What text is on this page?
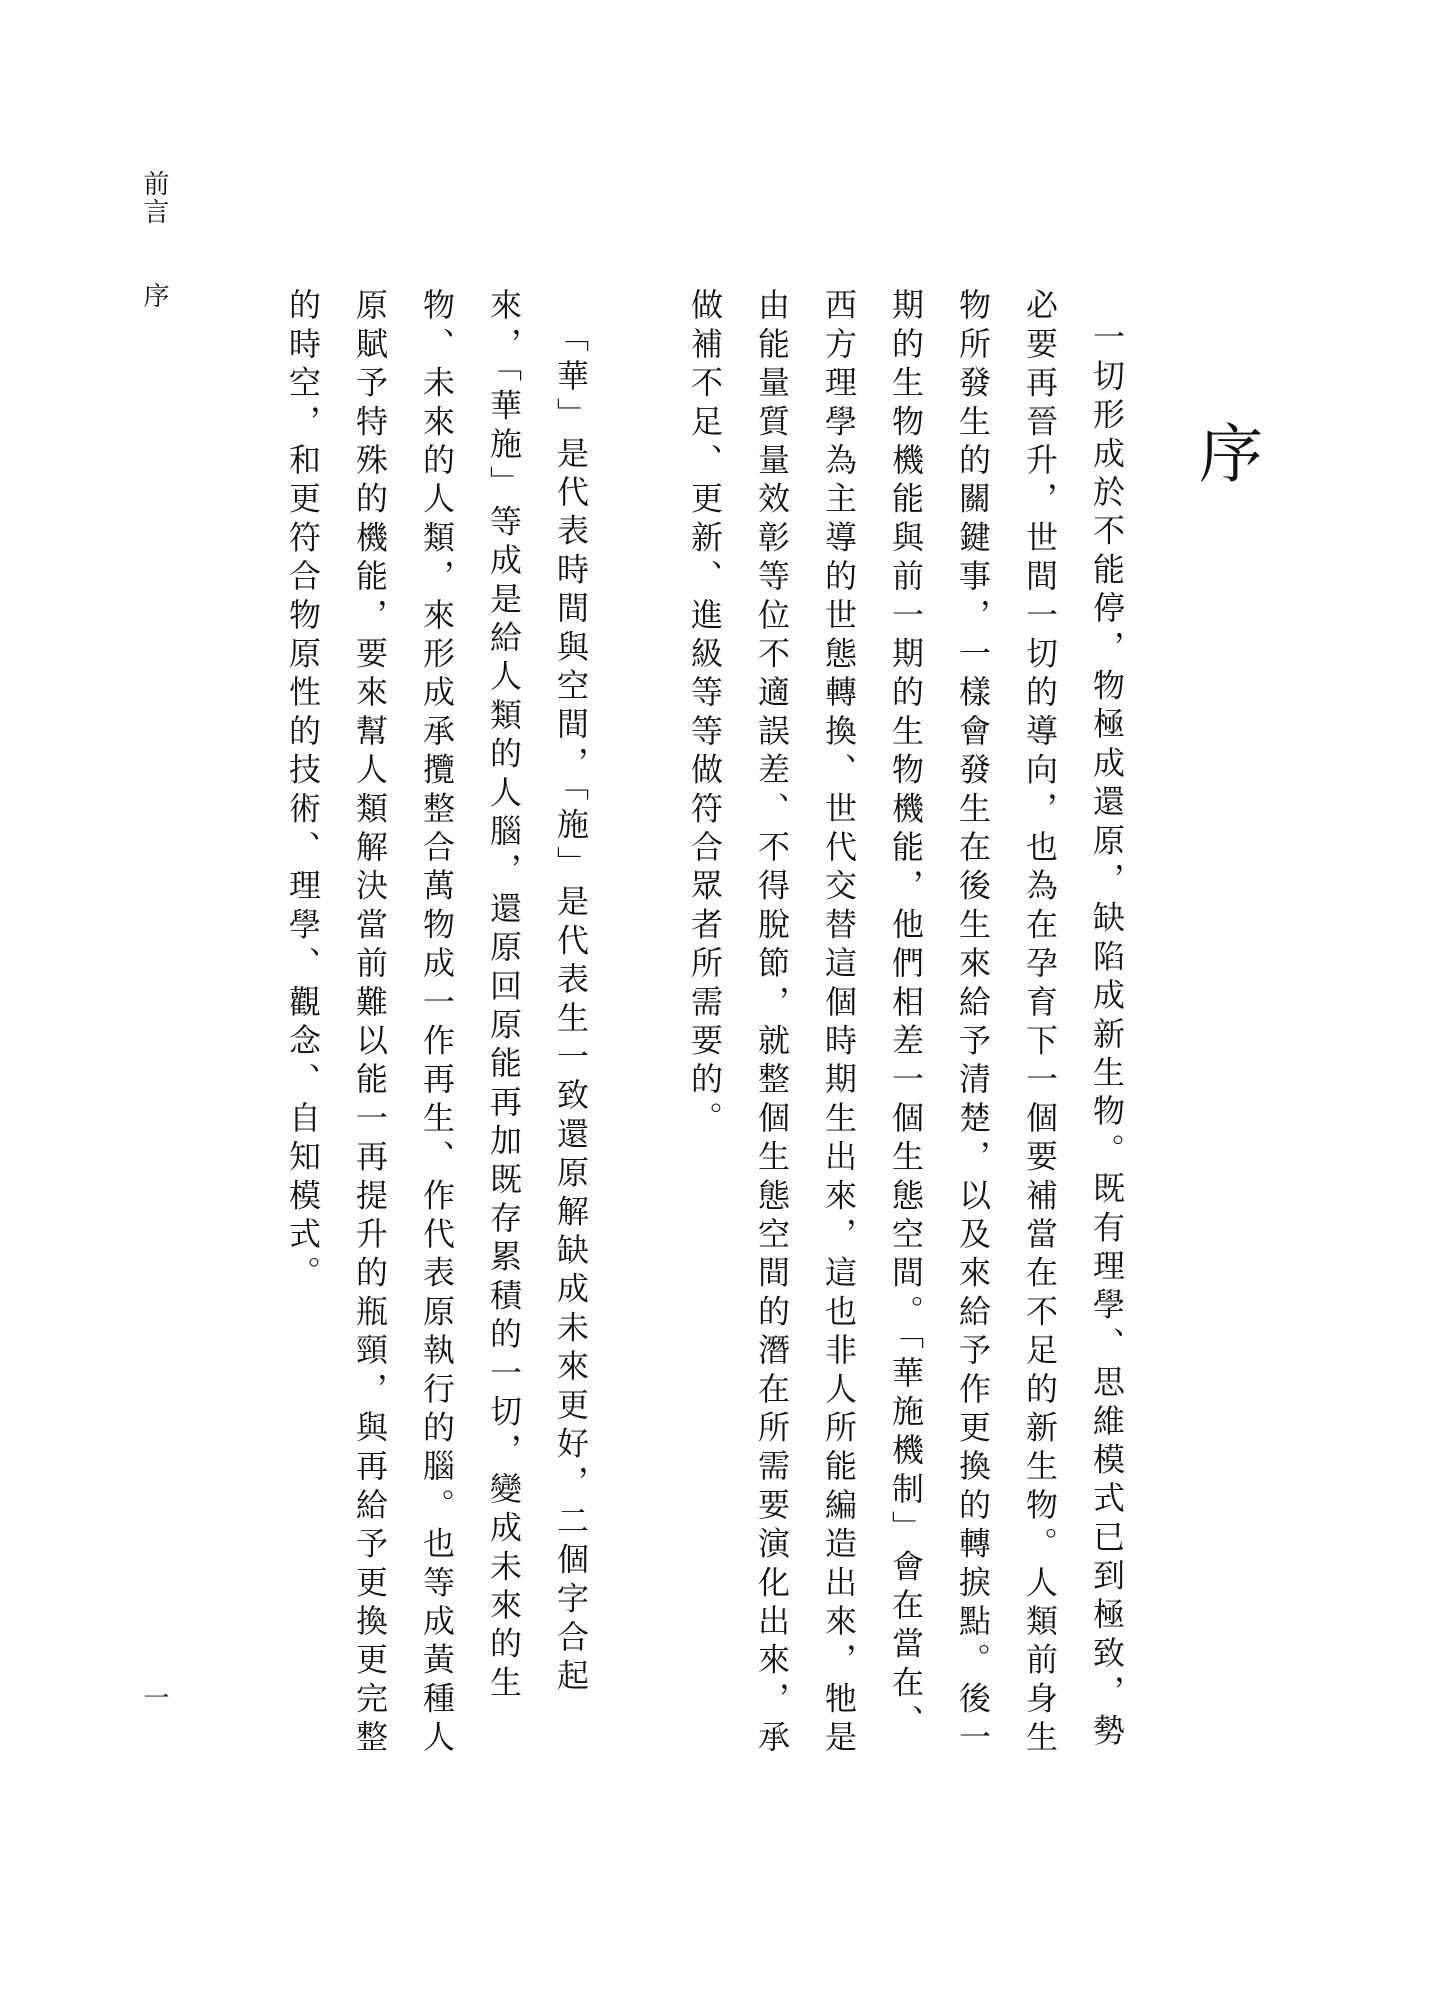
前言序
一
序

一切形成於不能停，物極成還原，缺陷成新生物。既有理學、思維模式已到極致，勢必要再晉升，世間一切的導向，也為在孕育下一個要補當在不足的新生物。人類前身生物所發生的關鍵事，一樣會發生在後生來給予清楚，以及來給予作更換的轉捩點。後一期的生物機能與前一期的生物機能，他們相差一個生態空間。「華施機制」會在當在、西方理學為主導的世態轉換、世代交替這個時期生出來，這也非人所能編造出來，牠是由能量質量效彰等位不適誤差、不得脫節，就整個生態空間的潛在所需要演化出來，承做補不足、更新、進級等等做符合眾者所需要的。

「華」是代表時間與空間，「施」是代表生一致還原解缺成未來更好，二個字合起來，「華施」等成是給人類的人腦，還原回原能再加既存累積的一切，變成未來的生物、未來的人類，來形成承攬整合萬物成一作再生、作代表原執行的腦。也等成黃種人原賦予特殊的機能，要來幫人類解決當前難以能一再提升的瓶頸，與再給予更換更完整的時空，和更符合物原性的技術、理學、觀念、自知模式。
